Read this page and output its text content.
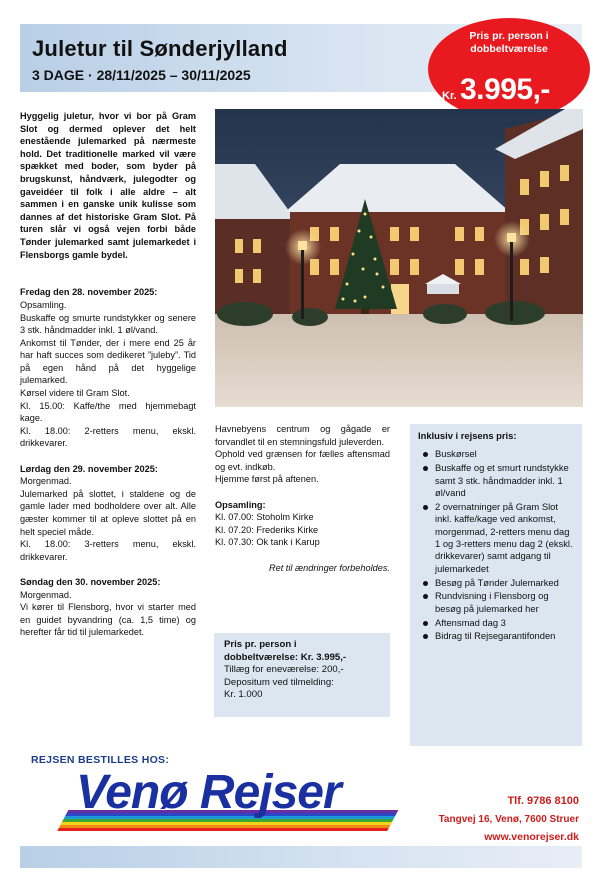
Juletur til Sønderjylland
3 DAGE · 28/11/2025 – 30/11/2025
Pris pr. person i
dobbeltværelse
Kr. 3.995,-

Hyggelig juletur, hvor vi bor på Gram Slot og dermed oplever det helt enestående julemarked på nærmeste hold. Det traditionelle marked vil være spækket med boder, som byder på brugskunst, håndværk, julegodter og gaveidéer til folk i alle aldre – alt sammen i en ganske unik kulisse som dannes af det historiske Gram Slot. På turen slår vi også vejen forbi både Tønder julemarked samt julemarkedet i Flensborgs gamle bydel.

Fredag den 28. november 2025:

Opsamling.

Buskaffe og smurte rundstykker og senere 3 stk. håndmadder inkl. 1 øl/vand.

Ankomst til Tønder, der i mere end 25 år har haft succes som dedikeret ”juleby”. Tid på egen hånd på det hyggelige julemarked.

Kørsel videre til Gram Slot.

Kl. 15.00: Kaffe/the med hjemmebagt kage.

Kl. 18.00: 2-retters menu, ekskl. drikkevarer.

Lørdag den 29. november 2025:

Morgenmad.

Julemarked på slottet, i staldene og de gamle lader med bodholdere over alt. Alle gæster kommer til at opleve slottet på en helt speciel måde.

Kl. 18.00: 3-retters menu, ekskl. drikkevarer.

Søndag den 30. november 2025:

Morgenmad.

Vi kører til Flensborg, hvor vi starter med en guidet byvandring (ca. 1,5 time) og herefter får tid til julemarkedet.

Havnebyens centrum og gågade er forvandlet til en stemningsfuld juleverden.

Ophold ved grænsen for fælles aftensmad og evt. indkøb.

Hjemme først på aftenen.

Opsamling:

Kl. 07.00: Stoholm Kirke

Kl. 07.20: Frederiks Kirke

Kl. 07.30: Ok tank i Karup

Ret til ændringer forbeholdes.

Pris pr. person i
dobbeltværelse: Kr. 3.995,-
Tillæg for eneværelse: 200,-
Depositum ved tilmelding:
Kr. 1.000
Inklusiv i rejsens pris:
Buskørsel
Buskaffe og et smurt rundstykke samt 3 stk. håndmadder inkl. 1 øl/vand
2 overnatninger på Gram Slot inkl. kaffe/kage ved ankomst, morgenmad, 2-retters menu dag 1 og 3-retters menu dag 2 (ekskl. drikkevarer) samt adgang til julemarkedet
Besøg på Tønder Julemarked
Rundvisning i Flensborg og besøg på julemarked her
Aftensmad dag 3
Bidrag til Rejsegarantifonden
REJSEN BESTILLES HOS:
Venø Rejser	Tlf. 9786 8100
Tangvej 16, Venø, 7600 Struer
www.venorejser.dk
